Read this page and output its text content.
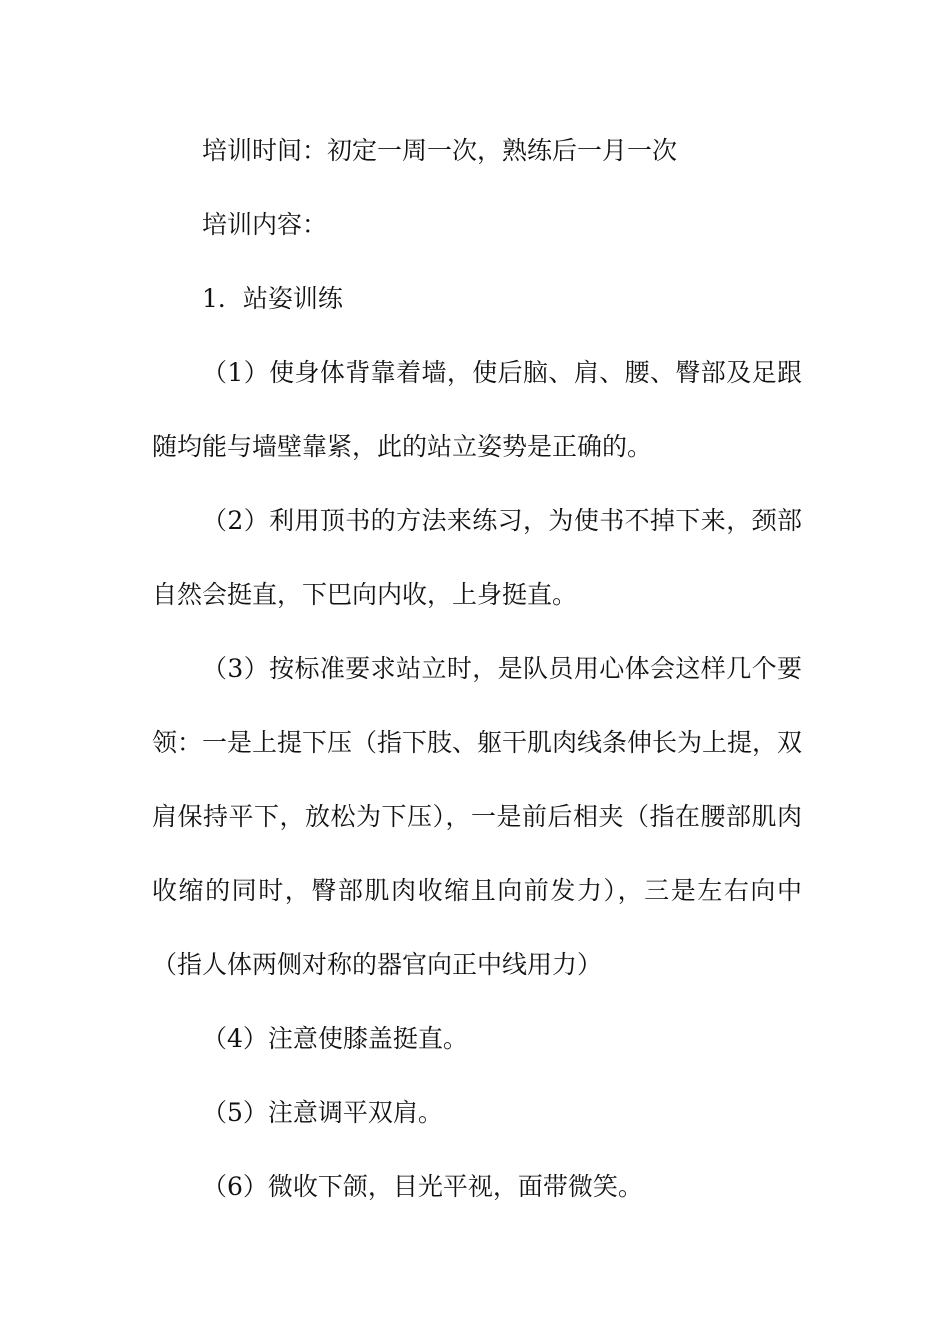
培训时间：初定一周一次，熟练后一月一次

培训内容：

1．站姿训练

（1）使身体背靠着墙，使后脑、肩、腰、臀部及足跟随均能与墙壁靠紧，此的站立姿势是正确的。

（2）利用顶书的方法来练习，为使书不掉下来，颈部自然会挺直，下巴向内收，上身挺直。

（3）按标准要求站立时，是队员用心体会这样几个要领：一是上提下压（指下肢、躯干肌肉线条伸长为上提，双肩保持平下，放松为下压），一是前后相夹（指在腰部肌肉收缩的同时，臀部肌肉收缩且向前发力），三是左右向中（指人体两侧对称的器官向正中线用力）

（4）注意使膝盖挺直。

（5）注意调平双肩。

（6）微收下颌，目光平视，面带微笑。
